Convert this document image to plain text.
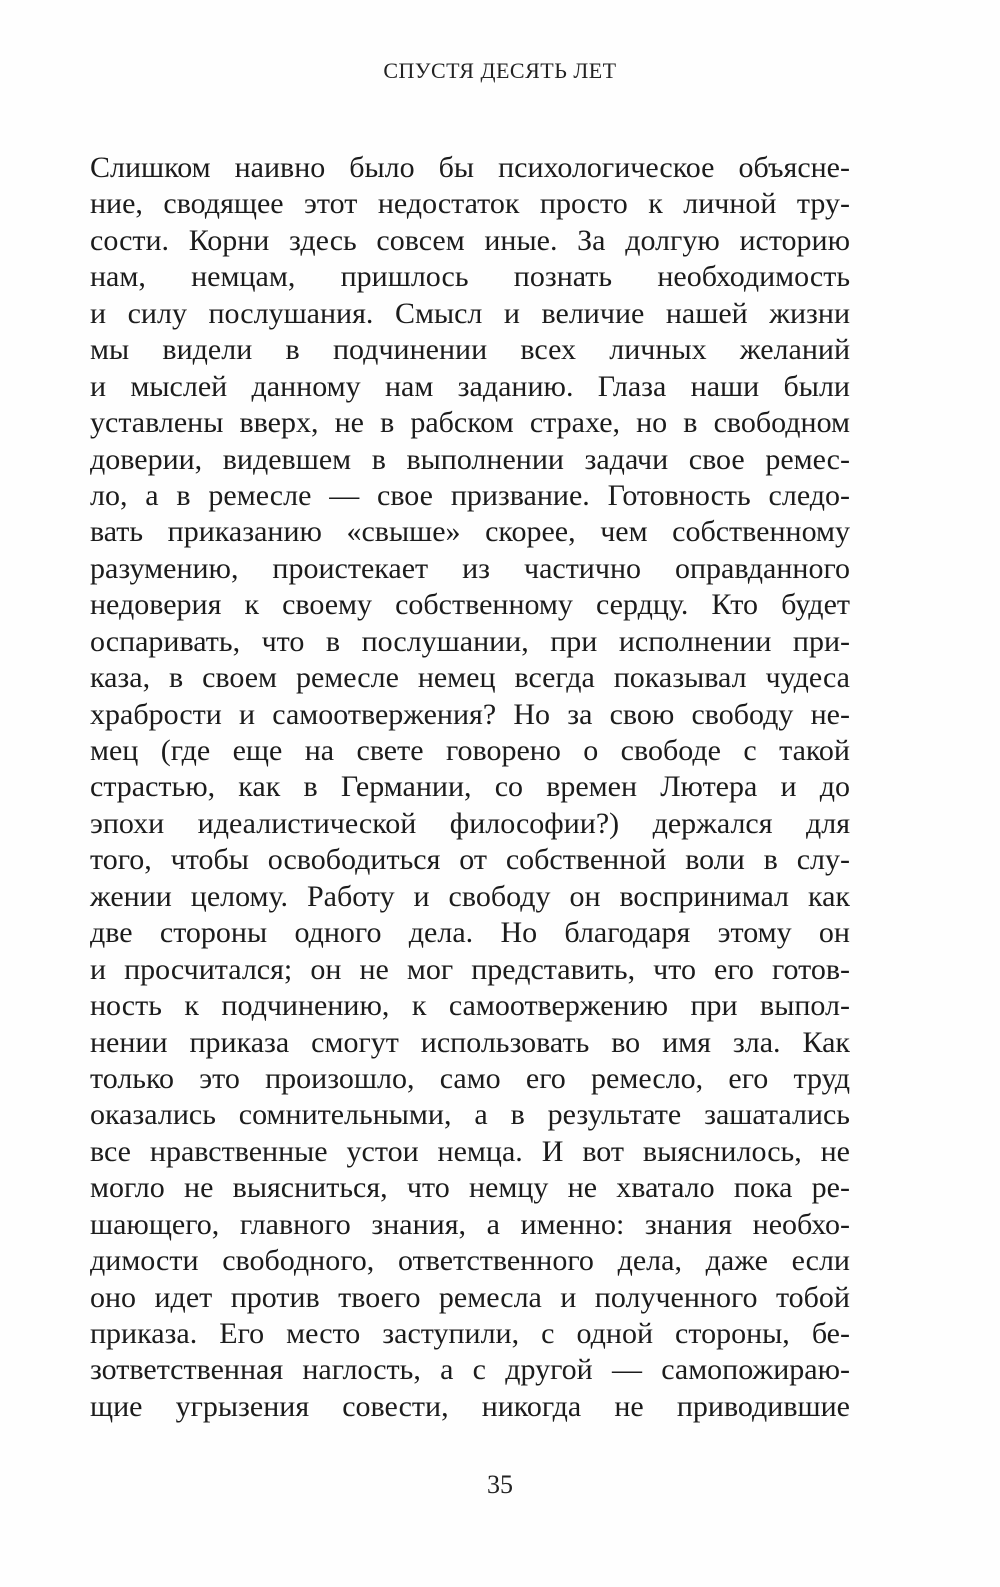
СПУСТЯ ДЕСЯТЬ ЛЕТ
Слишком наивно было бы психологическое объясне-
ние, сводящее этот недостаток просто к личной тру-
сости. Корни здесь совсем иные. За долгую историю
нам, немцам, пришлось познать необходимость
и силу послушания. Смысл и величие нашей жизни
мы видели в подчинении всех личных желаний
и мыслей данному нам заданию. Глаза наши были
уставлены вверх, не в рабском страхе, но в свободном
доверии, видевшем в выполнении задачи свое ремес-
ло, а в ремесле — свое призвание. Готовность следо-
вать приказанию «свыше» скорее, чем собственному
разумению, проистекает из частично оправданного
недоверия к своему собственному сердцу. Кто будет
оспаривать, что в послушании, при исполнении при-
каза, в своем ремесле немец всегда показывал чудеса
храбрости и самоотвержения? Но за свою свободу не-
мец (где еще на свете говорено о свободе с такой
страстью, как в Германии, со времен Лютера и до
эпохи идеалистической философии?) держался для
того, чтобы освободиться от собственной воли в слу-
жении целому. Работу и свободу он воспринимал как
две стороны одного дела. Но благодаря этому он
и просчитался; он не мог представить, что его готов-
ность к подчинению, к самоотвержению при выпол-
нении приказа смогут использовать во имя зла. Как
только это произошло, само его ремесло, его труд
оказались сомнительными, а в результате зашатались
все нравственные устои немца. И вот выяснилось, не
могло не выясниться, что немцу не хватало пока ре-
шающего, главного знания, а именно: знания необхо-
димости свободного, ответственного дела, даже если
оно идет против твоего ремесла и полученного тобой
приказа. Его место заступили, с одной стороны, бе-
зответственная наглость, а с другой — самопожираю-
щие угрызения совести, никогда не приводившие
35
